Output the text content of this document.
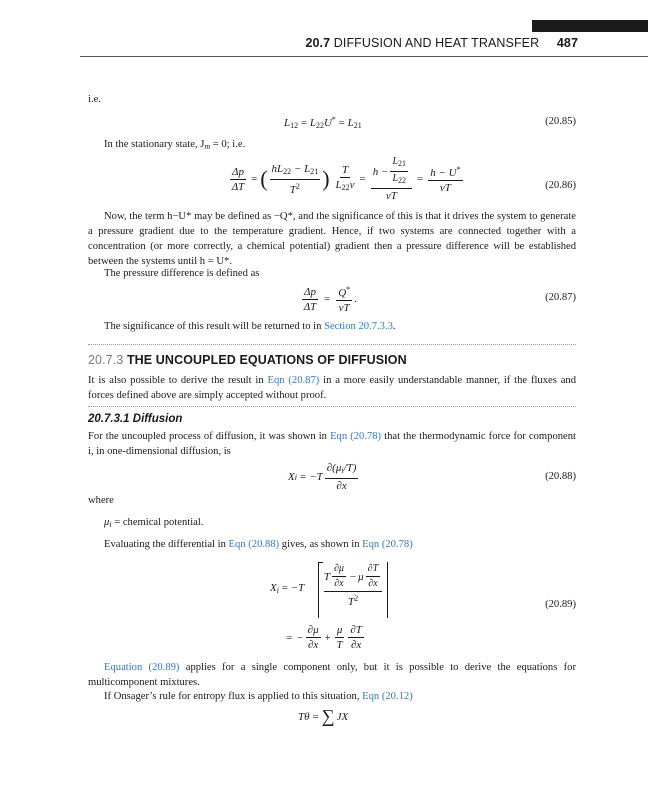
20.7 DIFFUSION AND HEAT TRANSFER 487
i.e.
$L_{12} = L_{22}U^* = L_{21}$	(20.85)
In the stationary state, $J_m = 0$; i.e.
$\frac{\Delta p}{\Delta T}$ = ( $\frac{hL_{22} - L_{21}}{T^2}$ ) $\frac{T}{L_{22}v} = \frac{h - \frac{L_{21}}{L_{22}}}{vT} = \frac{h - U^*}{vT}$	(20.86)
Now, the term h−U* may be defined as −Q*, and the significance of this is that it drives the system to generate a pressure gradient due to the temperature gradient. Hence, if two systems are connected together with a concentration (or more correctly, a chemical potential) gradient then a pressure difference will be established between the systems until h = U*.
The pressure difference is defined as
$\frac{\Delta p}{\Delta T} = \frac{Q^*}{vT}$ .	(20.87)
The significance of this result will be returned to in Section 20.7.3.3.
20.7.3 THE UNCOUPLED EQUATIONS OF DIFFUSION
It is also possible to derive the result in Eqn (20.87) in a more easily understandable manner, if the fluxes and forces defined above are simply accepted without proof.
20.7.3.1 Diffusion
For the uncoupled process of diffusion, it was shown in Eqn (20.78) that the thermodynamic force for component i, in one-dimensional diffusion, is
X $i = -T \frac{\partial(\mu_i/T)}{\partial x}$	(20.88)
where
$\mu_i$ = chemical potential.
Evaluating the differential in Eqn (20.88) gives, as shown in Eqn (20.78)
$X_i = -T$
T $\frac{\partial\mu}{\partial x} - \mu \frac{\partial T}{\partial x}$
$T^2$
(20.89)
= − $\frac{\partial\mu}{\partial x} + \frac{\mu}{T} \frac{\partial T}{\partial x}$
Equation (20.89) applies for a single component only, but it is possible to derive the equations for multicomponent mixtures.
If Onsager’s rule for entropy flux is applied to this situation, Eqn (20.12)
Tθ = ∑ JX
